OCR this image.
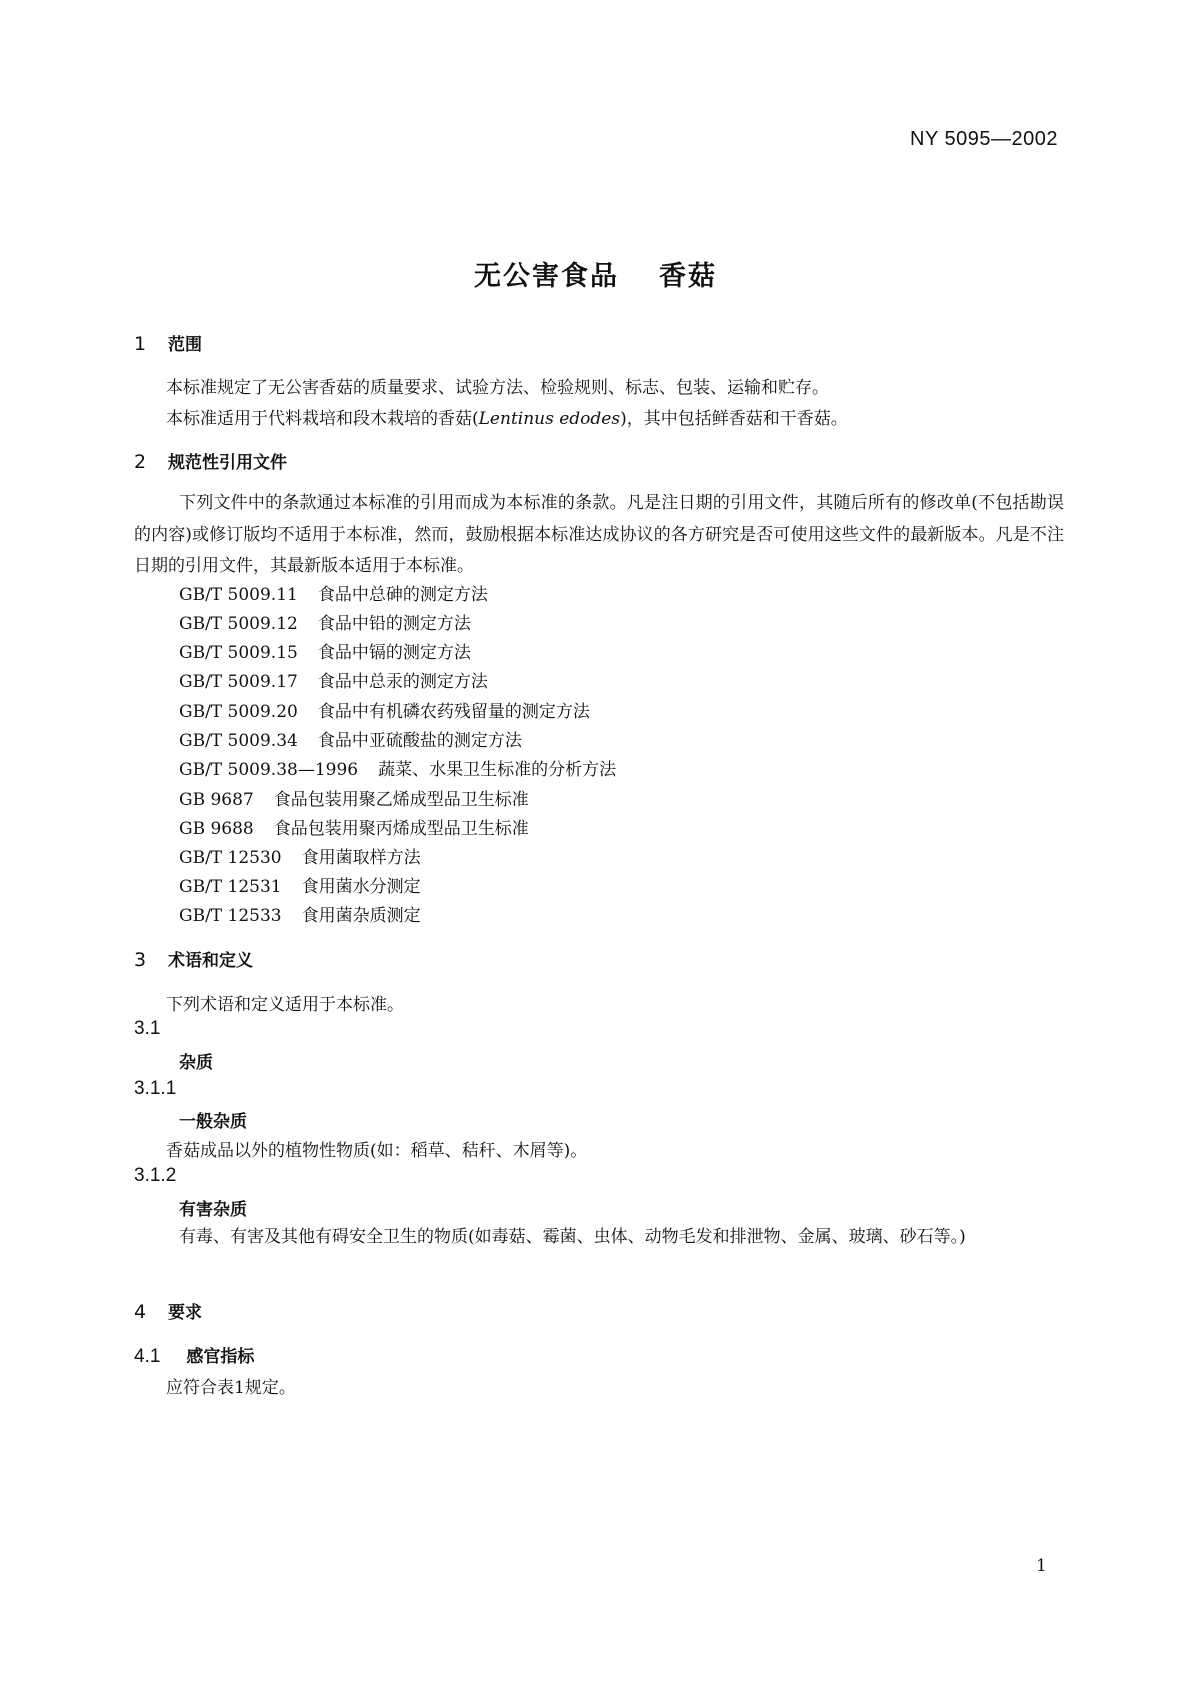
NY 5095—2002
无公害食品 香菇
1 范围
本标准规定了无公害香菇的质量要求、试验方法、检验规则、标志、包装、运输和贮存。
本标准适用于代料栽培和段木栽培的香菇(Lentinus edodes)，其中包括鲜香菇和干香菇。
2 规范性引用文件
下列文件中的条款通过本标准的引用而成为本标准的条款。凡是注日期的引用文件，其随后所有的修改单(不包括勘误的内容)或修订版均不适用于本标准，然而，鼓励根据本标准达成协议的各方研究是否可使用这些文件的最新版本。凡是不注日期的引用文件，其最新版本适用于本标准。
GB/T 5009.11 食品中总砷的测定方法
GB/T 5009.12 食品中铅的测定方法
GB/T 5009.15 食品中镉的测定方法
GB/T 5009.17 食品中总汞的测定方法
GB/T 5009.20 食品中有机磷农药残留量的测定方法
GB/T 5009.34 食品中亚硫酸盐的测定方法
GB/T 5009.38—1996 蔬菜、水果卫生标准的分析方法
GB 9687 食品包装用聚乙烯成型品卫生标准
GB 9688 食品包装用聚丙烯成型品卫生标准
GB/T 12530 食用菌取样方法
GB/T 12531 食用菌水分测定
GB/T 12533 食用菌杂质测定
3 术语和定义
下列术语和定义适用于本标准。
3.1
杂质
3.1.1
一般杂质
香菇成品以外的植物性物质(如：稻草、秸秆、木屑等)。
3.1.2
有害杂质
有毒、有害及其他有碍安全卫生的物质(如毒菇、霉菌、虫体、动物毛发和排泄物、金属、玻璃、砂石等。)
4 要求
4.1 感官指标
应符合表1规定。
1
